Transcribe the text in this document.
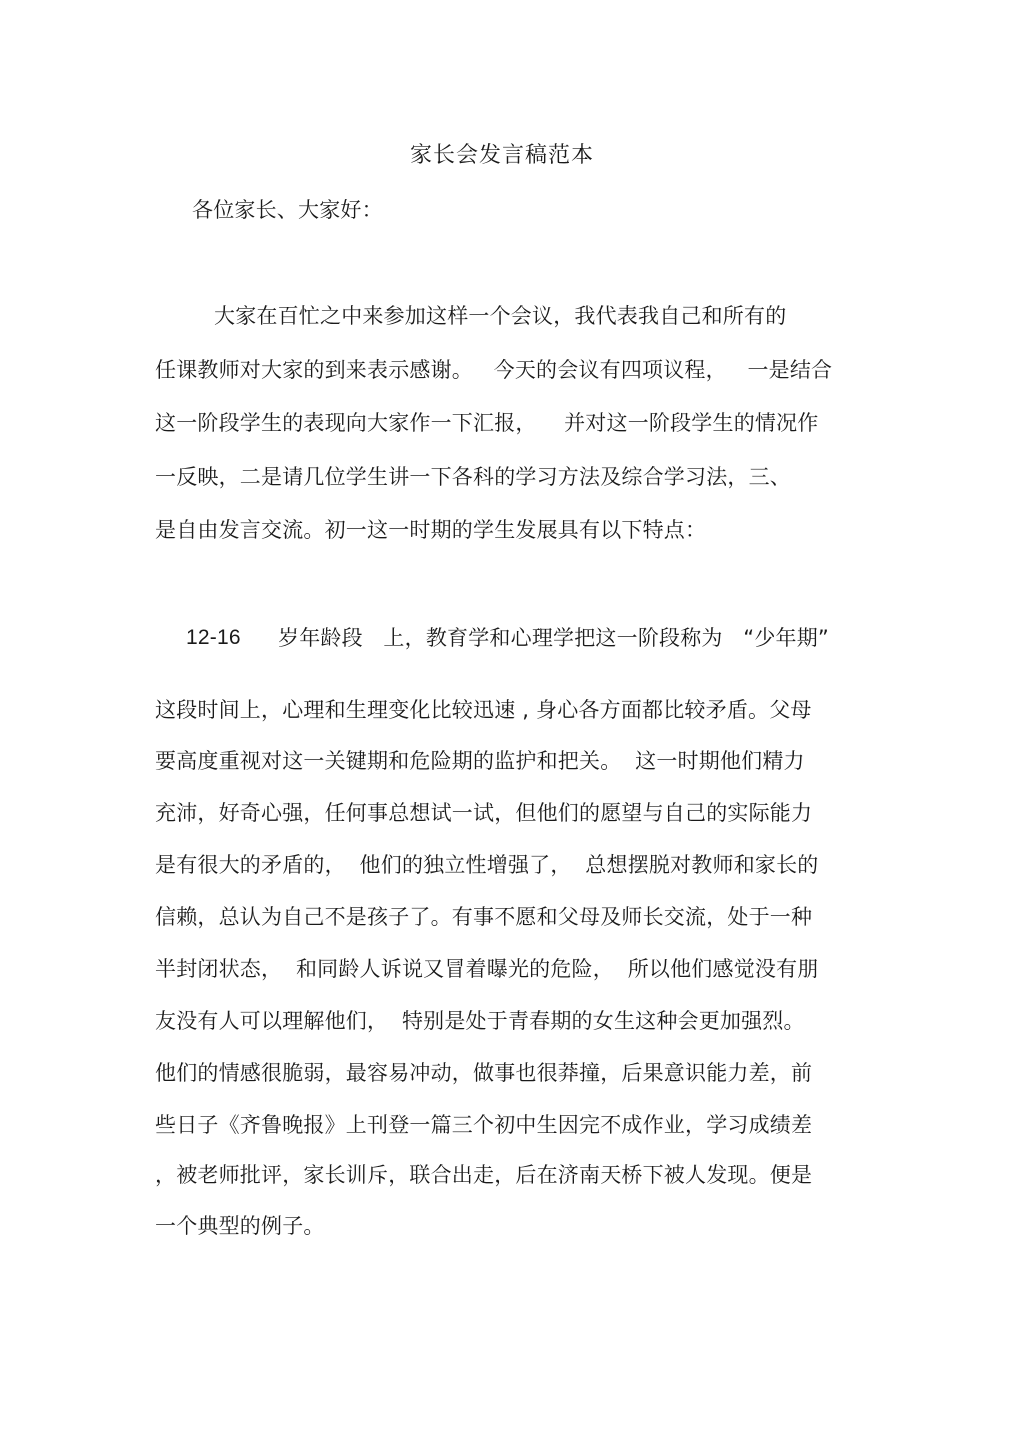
家长会发言稿范本
各位家长、大家好：
大家在百忙之中来参加这样一个会议，我代表我自己和所有的
任课教师对大家的到来表示感谢。   今天的会议有四项议程，   一是结合
这一阶段学生的表现向大家作一下汇报，    并对这一阶段学生的情况作
一反映，二是请几位学生讲一下各科的学习方法及综合学习法，三、
是自由发言交流。初一这一时期的学生发展具有以下特点：
12-16 岁年龄段   上，教育学和心理学把这一阶段称为   “少年期”
这段时间上，心理和生理变化比较迅速 , 身心各方面都比较矛盾。父母
要高度重视对这一关键期和危险期的监护和把关。  这一时期他们精力
充沛，好奇心强，任何事总想试一试，但他们的愿望与自己的实际能力
是有很大的矛盾的，  他们的独立性增强了，  总想摆脱对教师和家长的
信赖，总认为自己不是孩子了。有事不愿和父母及师长交流，处于一种
半封闭状态，  和同龄人诉说又冒着曝光的危险，  所以他们感觉没有朋
友没有人可以理解他们，  特别是处于青春期的女生这种会更加强烈。
他们的情感很脆弱，最容易冲动，做事也很莽撞，后果意识能力差，前
些日子《齐鲁晚报》上刊登一篇三个初中生因完不成作业，学习成绩差
，被老师批评，家长训斥，联合出走，后在济南天桥下被人发现。便是
一个典型的例子。
